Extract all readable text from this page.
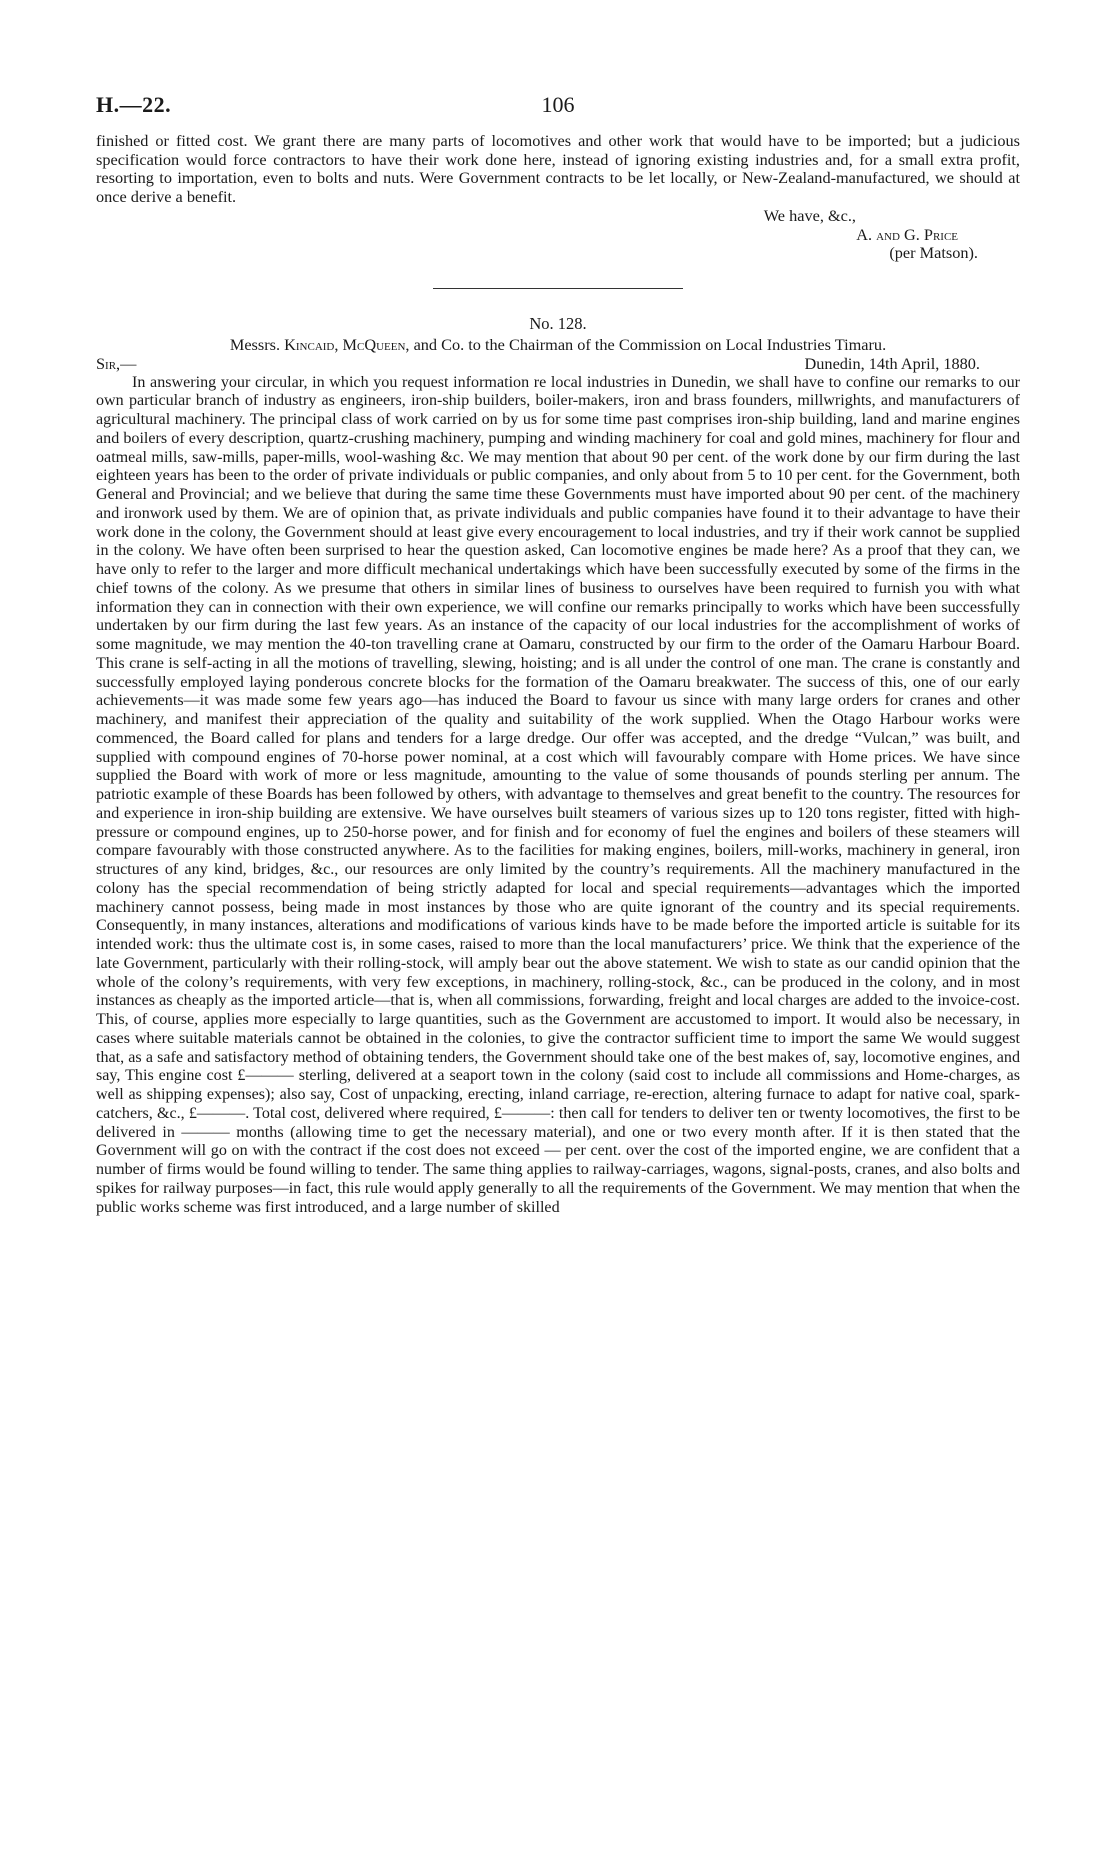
H.—22.	106

finished or fitted cost. We grant there are many parts of locomotives and other work that would have to be imported; but a judicious specification would force contractors to have their work done here, instead of ignoring existing industries and, for a small extra profit, resorting to importation, even to bolts and nuts. Were Government contracts to be let locally, or New-Zealand-manufactured, we should at once derive a benefit.

We have, &c.,

A. and G. Price

(per Matson).

No. 128.

Messrs. Kincaid, McQueen, and Co. to the Chairman of the Commission on Local Industries Timaru.

Sir,—	Dunedin, 14th April, 1880.

In answering your circular, in which you request information re local industries in Dunedin, we shall have to confine our remarks to our own particular branch of industry as engineers, iron-ship builders, boiler-makers, iron and brass founders, millwrights, and manufacturers of agricultural machinery. The principal class of work carried on by us for some time past comprises iron-ship building, land and marine engines and boilers of every description, quartz-crushing machinery, pumping and winding machinery for coal and gold mines, machinery for flour and oatmeal mills, saw-mills, paper-mills, wool-washing &c. We may mention that about 90 per cent. of the work done by our firm during the last eighteen years has been to the order of private individuals or public companies, and only about from 5 to 10 per cent. for the Government, both General and Provincial; and we believe that during the same time these Governments must have imported about 90 per cent. of the machinery and ironwork used by them. We are of opinion that, as private individuals and public companies have found it to their advantage to have their work done in the colony, the Government should at least give every encouragement to local industries, and try if their work cannot be supplied in the colony. We have often been surprised to hear the question asked, Can locomotive engines be made here? As a proof that they can, we have only to refer to the larger and more difficult mechanical undertakings which have been successfully executed by some of the firms in the chief towns of the colony. As we presume that others in similar lines of business to ourselves have been required to furnish you with what information they can in connection with their own experience, we will confine our remarks principally to works which have been successfully undertaken by our firm during the last few years. As an instance of the capacity of our local industries for the accomplishment of works of some magnitude, we may mention the 40-ton travelling crane at Oamaru, constructed by our firm to the order of the Oamaru Harbour Board. This crane is self-acting in all the motions of travelling, slewing, hoisting; and is all under the control of one man. The crane is constantly and successfully employed laying ponderous concrete blocks for the formation of the Oamaru breakwater. The success of this, one of our early achievements—it was made some few years ago—has induced the Board to favour us since with many large orders for cranes and other machinery, and manifest their appreciation of the quality and suitability of the work supplied. When the Otago Harbour works were commenced, the Board called for plans and tenders for a large dredge. Our offer was accepted, and the dredge “Vulcan,” was built, and supplied with compound engines of 70-horse power nominal, at a cost which will favourably compare with Home prices. We have since supplied the Board with work of more or less magnitude, amounting to the value of some thousands of pounds sterling per annum. The patriotic example of these Boards has been followed by others, with advantage to themselves and great benefit to the country. The resources for and experience in iron-ship building are extensive. We have ourselves built steamers of various sizes up to 120 tons register, fitted with high-pressure or compound engines, up to 250-horse power, and for finish and for economy of fuel the engines and boilers of these steamers will compare favourably with those constructed anywhere. As to the facilities for making engines, boilers, mill-works, machinery in general, iron structures of any kind, bridges, &c., our resources are only limited by the country’s requirements. All the machinery manufactured in the colony has the special recommendation of being strictly adapted for local and special requirements—advantages which the imported machinery cannot possess, being made in most instances by those who are quite ignorant of the country and its special requirements. Consequently, in many instances, alterations and modifications of various kinds have to be made before the imported article is suitable for its intended work: thus the ultimate cost is, in some cases, raised to more than the local manufacturers’ price. We think that the experience of the late Government, particularly with their rolling-stock, will amply bear out the above statement. We wish to state as our candid opinion that the whole of the colony’s requirements, with very few exceptions, in machinery, rolling-stock, &c., can be produced in the colony, and in most instances as cheaply as the imported article—that is, when all commissions, forwarding, freight and local charges are added to the invoice-cost. This, of course, applies more especially to large quantities, such as the Government are accustomed to import. It would also be necessary, in cases where suitable materials cannot be obtained in the colonies, to give the contractor sufficient time to import the same We would suggest that, as a safe and satisfactory method of obtaining tenders, the Government should take one of the best makes of, say, locomotive engines, and say, This engine cost £——— sterling, delivered at a seaport town in the colony (said cost to include all commissions and Home-charges, as well as shipping expenses); also say, Cost of unpacking, erecting, inland carriage, re-erection, altering furnace to adapt for native coal, spark-catchers, &c., £———. Total cost, delivered where required, £———: then call for tenders to deliver ten or twenty locomotives, the first to be delivered in ——— months (allowing time to get the necessary material), and one or two every month after. If it is then stated that the Government will go on with the contract if the cost does not exceed — per cent. over the cost of the imported engine, we are confident that a number of firms would be found willing to tender. The same thing applies to railway-carriages, wagons, signal-posts, cranes, and also bolts and spikes for railway purposes—in fact, this rule would apply generally to all the requirements of the Government. We may mention that when the public works scheme was first introduced, and a large number of skilled
